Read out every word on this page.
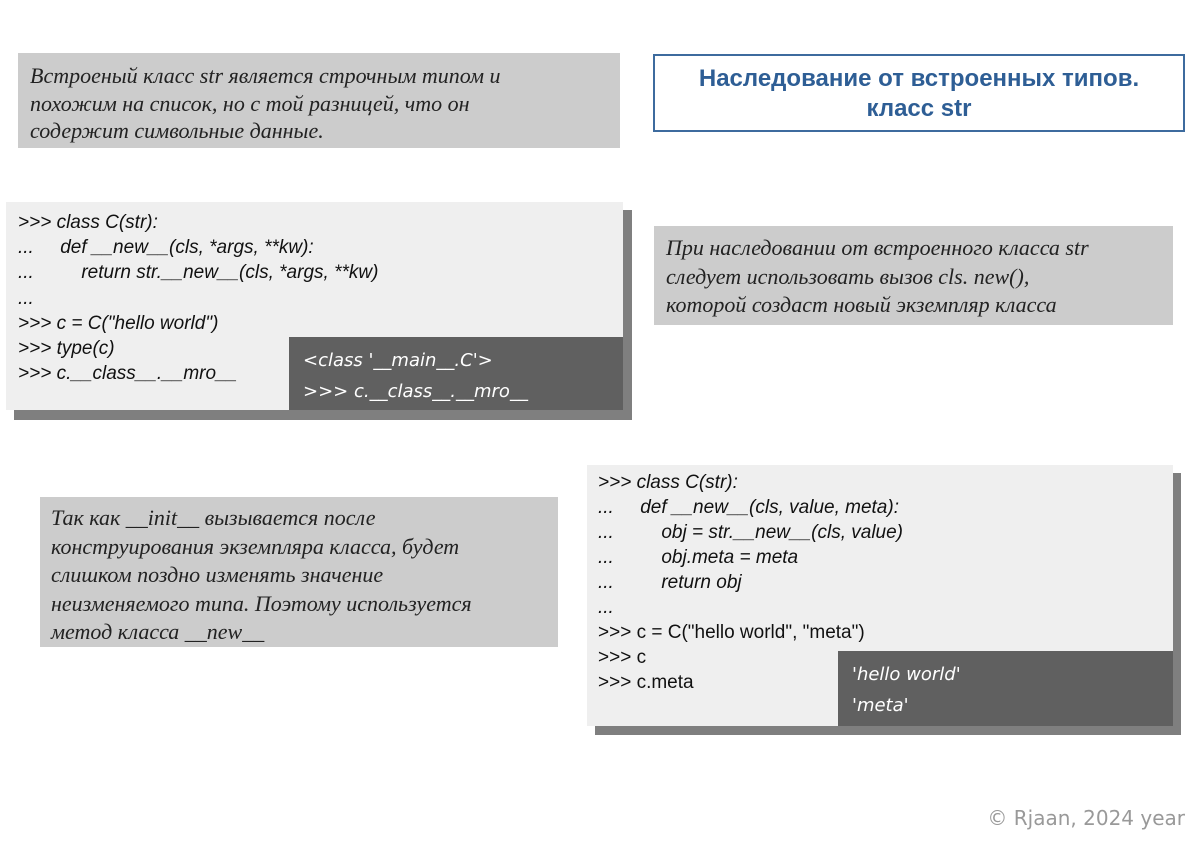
Встроеный класс str является строчным типом и
похожим на список, но с той разницей, что он
содержит символьные данные.
Наследование от встроенных типов.
класс str
>>> class C(str):
...     def __new__(cls, *args, **kw):
...         return str.__new__(cls, *args, **kw)
...
>>> c = C("hello world")
>>> type(c)
>>> c.__class__.__mro__
<class '__main__.C'>
>>> c.__class__.__mro__
При наследовании от встроенного класса str
следует использовать вызов cls. new(),
которой создаст новый экземпляр класса
Так как __init__ вызывается после
конструирования экземпляра класса, будет
слишком поздно изменять значение
неизменяемого типа. Поэтому используется
метод класса __new__
>>> class C(str):
...     def __new__(cls, value, meta):
...         obj = str.__new__(cls, value)
...         obj.meta = meta
...         return obj
...
>>> c = C("hello world", "meta")
>>> c
>>> c.meta	'hello world'
'meta'
© Rjaan, 2024 year
